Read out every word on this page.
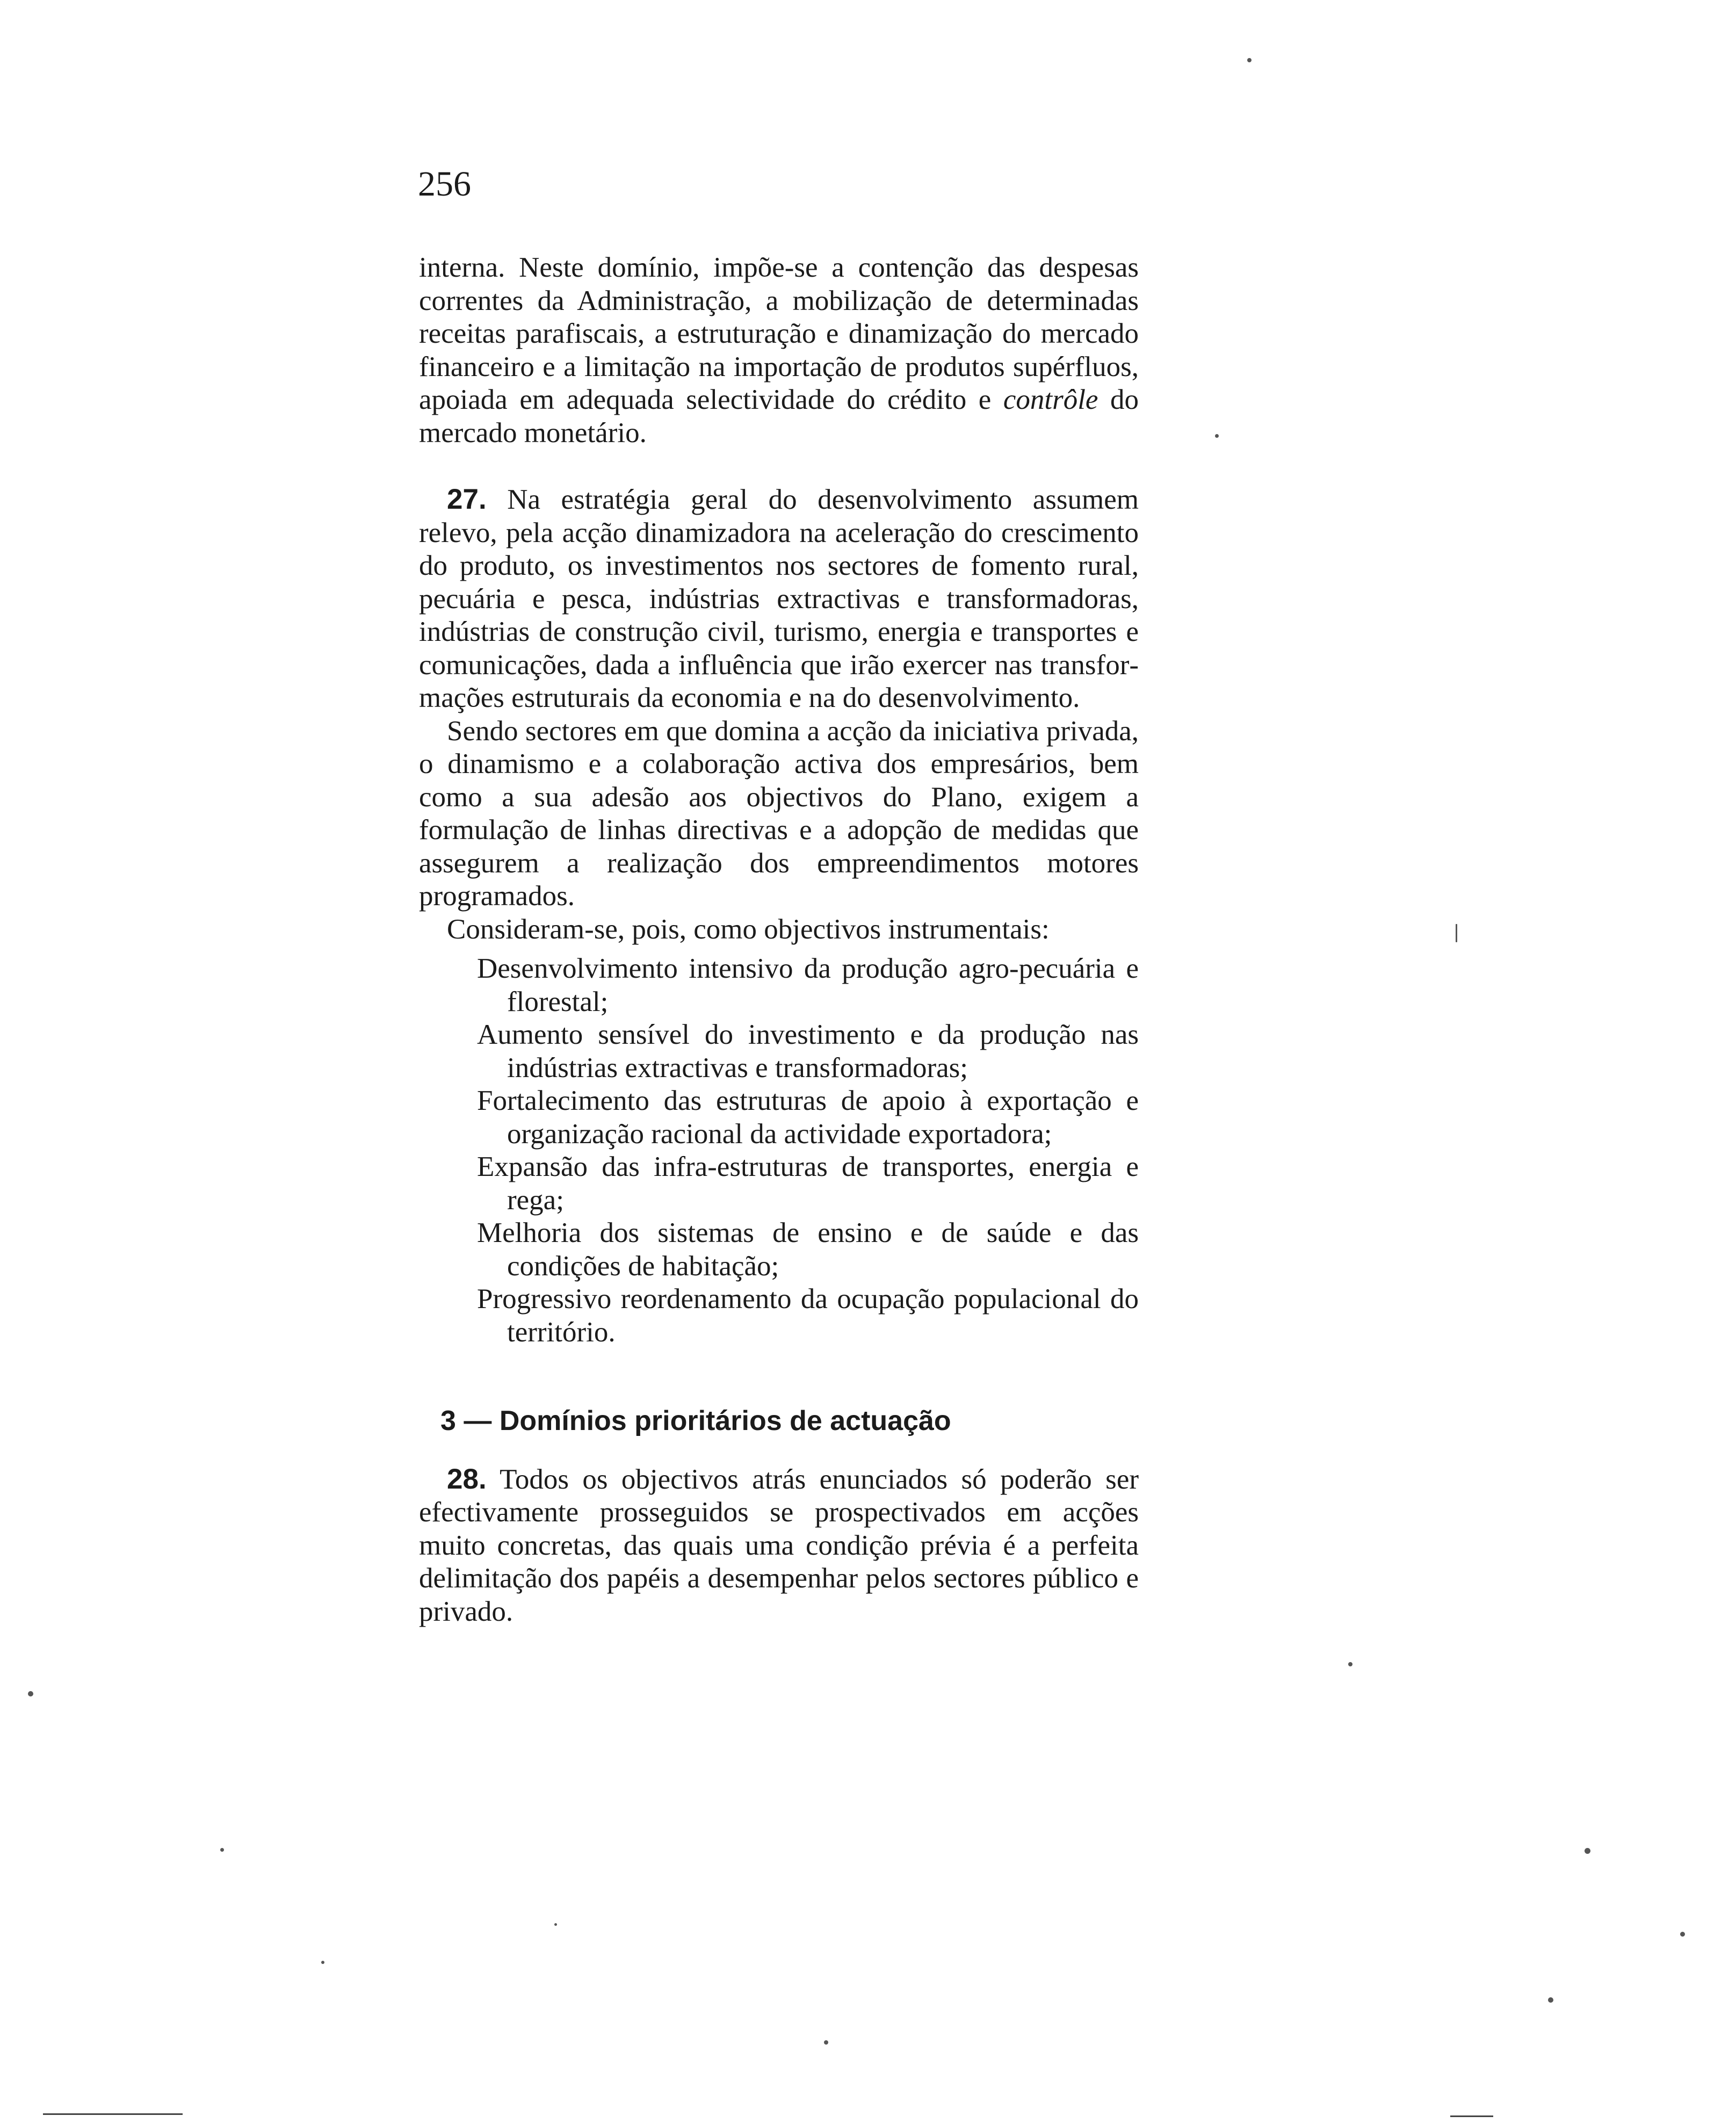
256

interna. Neste domínio, impõe-se a contenção das despesas correntes da Administração, a mobilização de determinadas receitas parafiscais, a estruturação e dinamização do mercado financeiro e a limitação na importação de produtos supérfluos, apoiada em adequada selectividade do crédito e contrôle do mercado monetário.

27. Na estratégia geral do desenvolvimento assumem relevo, pela acção dinamizadora na aceleração do crescimento do produto, os investimentos nos sectores de fomento rural, pecuária e pesca, indústrias extractivas e transformadoras, indústrias de construção civil, turismo, energia e transportes e comunicações, dada a influência que irão exercer nas transformações estruturais da economia e na do desenvolvimento.

Sendo sectores em que domina a acção da iniciativa privada, o dinamismo e a colaboração activa dos empresários, bem como a sua adesão aos objectivos do Plano, exigem a formulação de linhas directivas e a adopção de medidas que assegurem a realização dos empreendimentos motores programados.

Consideram-se, pois, como objectivos instrumentais:

Desenvolvimento intensivo da produção agro-pecuária e florestal;
Aumento sensível do investimento e da produção nas indústrias extractivas e transformadoras;
Fortalecimento das estruturas de apoio à exportação e organização racional da actividade exportadora;
Expansão das infra-estruturas de transportes, energia e rega;
Melhoria dos sistemas de ensino e de saúde e das condições de habitação;
Progressivo reordenamento da ocupação populacional do território.

3 — Domínios prioritários de actuação

28. Todos os objectivos atrás enunciados só poderão ser efectivamente prosseguidos se prospectivados em acções muito concretas, das quais uma condição prévia é a perfeita delimitação dos papéis a desempenhar pelos sectores público e privado.
